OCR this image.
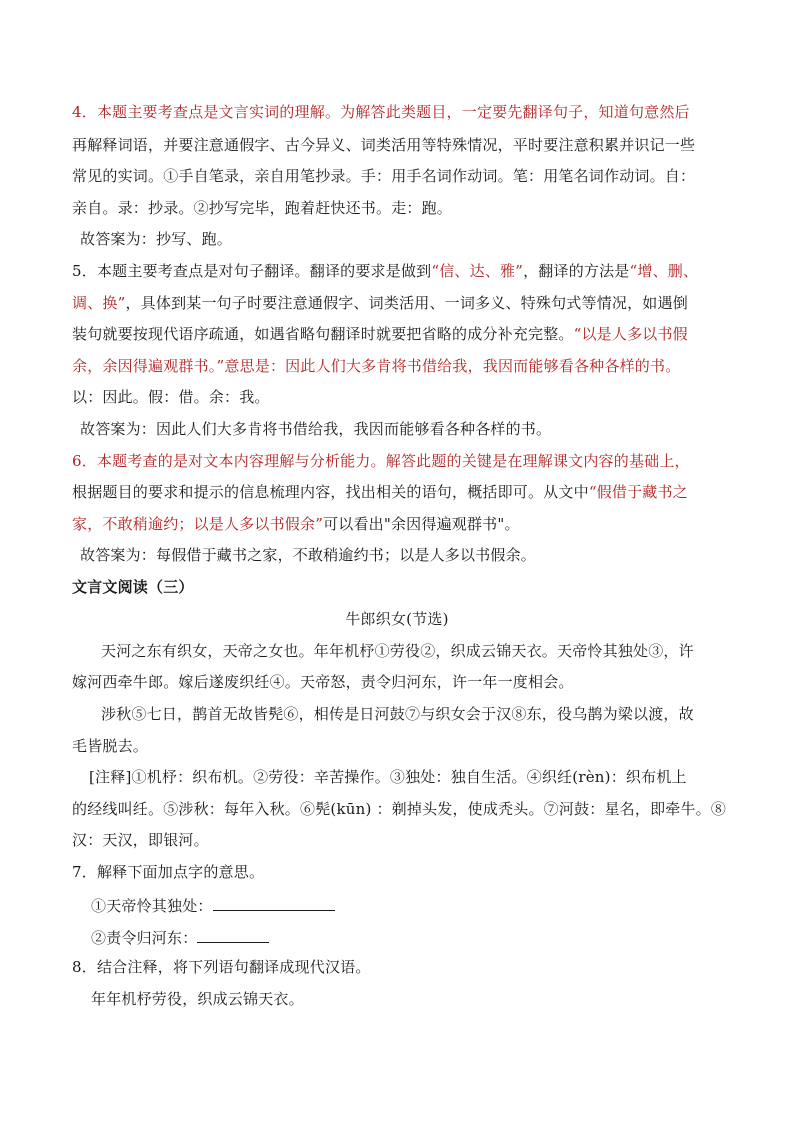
4．本题主要考查点是文言实词的理解。为解答此类题目，一定要先翻译句子，知道句意然后
再解释词语，并要注意通假字、古今异义、词类活用等特殊情况，平时要注意积累并识记一些
常见的实词。①手自笔录，亲自用笔抄录。手：用手名词作动词。笔：用笔名词作动词。自：
亲自。录：抄录。②抄写完毕，跑着赶快还书。走：跑。
故答案为：抄写、跑。
5．本题主要考查点是对句子翻译。翻译的要求是做到“信、达、雅”，翻译的方法是“增、删、
调、换”，具体到某一句子时要注意通假字、词类活用、一词多义、特殊句式等情况，如遇倒
装句就要按现代语序疏通，如遇省略句翻译时就要把省略的成分补充完整。“以是人多以书假
余，余因得遍观群书。”意思是：因此人们大多肯将书借给我，我因而能够看各种各样的书。
以：因此。假：借。余：我。
故答案为：因此人们大多肯将书借给我，我因而能够看各种各样的书。
6．本题考查的是对文本内容理解与分析能力。解答此题的关键是在理解课文内容的基础上，
根据题目的要求和提示的信息梳理内容，找出相关的语句，概括即可。从文中“假借于藏书之
家，不敢稍逾约；以是人多以书假余”可以看出"余因得遍观群书"。
故答案为：每假借于藏书之家，不敢稍逾约书；以是人多以书假余。
文言文阅读（三）
牛郎织女(节选)
天河之东有织女，天帝之女也。年年机杼①劳役②，织成云锦天衣。天帝怜其独处③，许
嫁河西牵牛郎。嫁后遂废织纴④。天帝怒，责令归河东，许一年一度相会。
涉秋⑤七日，鹊首无故皆髡⑥，相传是日河鼓⑦与织女会于汉⑧东，役乌鹊为梁以渡，故
毛皆脱去。
[注释]①机杼：织布机。②劳役：辛苦操作。③独处：独自生活。④织纴(rèn)：织布机上
的经线叫纴。⑤涉秋：每年入秋。⑥髡(kūn) ：剃掉头发，使成秃头。⑦河鼓：星名，即牵牛。⑧
汉：天汉，即银河。
7．解释下面加点字的意思。
①天帝怜其独处：
②责令归河东：
8．结合注释，将下列语句翻译成现代汉语。
年年机杼劳役，织成云锦天衣。
